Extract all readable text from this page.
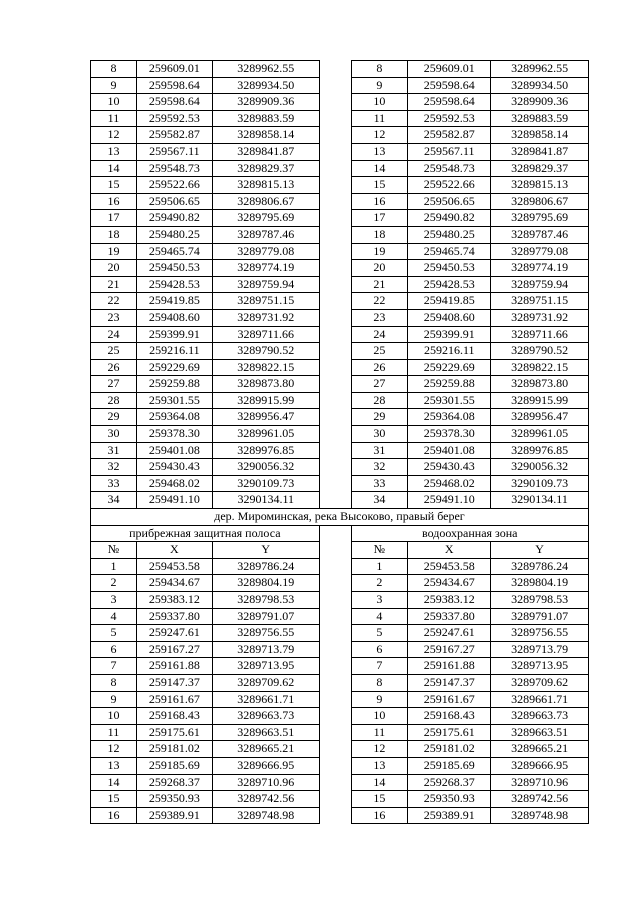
8	259609.01	3289962.55		8	259609.01	3289962.55
9	259598.64	3289934.50		9	259598.64	3289934.50
10	259598.64	3289909.36		10	259598.64	3289909.36
11	259592.53	3289883.59		11	259592.53	3289883.59
12	259582.87	3289858.14		12	259582.87	3289858.14
13	259567.11	3289841.87		13	259567.11	3289841.87
14	259548.73	3289829.37		14	259548.73	3289829.37
15	259522.66	3289815.13		15	259522.66	3289815.13
16	259506.65	3289806.67		16	259506.65	3289806.67
17	259490.82	3289795.69		17	259490.82	3289795.69
18	259480.25	3289787.46		18	259480.25	3289787.46
19	259465.74	3289779.08		19	259465.74	3289779.08
20	259450.53	3289774.19		20	259450.53	3289774.19
21	259428.53	3289759.94		21	259428.53	3289759.94
22	259419.85	3289751.15		22	259419.85	3289751.15
23	259408.60	3289731.92		23	259408.60	3289731.92
24	259399.91	3289711.66		24	259399.91	3289711.66
25	259216.11	3289790.52		25	259216.11	3289790.52
26	259229.69	3289822.15		26	259229.69	3289822.15
27	259259.88	3289873.80		27	259259.88	3289873.80
28	259301.55	3289915.99		28	259301.55	3289915.99
29	259364.08	3289956.47		29	259364.08	3289956.47
30	259378.30	3289961.05		30	259378.30	3289961.05
31	259401.08	3289976.85		31	259401.08	3289976.85
32	259430.43	3290056.32		32	259430.43	3290056.32
33	259468.02	3290109.73		33	259468.02	3290109.73
34	259491.10	3290134.11		34	259491.10	3290134.11
дер. Мироминская, река Высоково, правый берег						
прибрежная защитная полоса				водоохранная зона		
№	X	Y		№	X	Y
1	259453.58	3289786.24		1	259453.58	3289786.24
2	259434.67	3289804.19		2	259434.67	3289804.19
3	259383.12	3289798.53		3	259383.12	3289798.53
4	259337.80	3289791.07		4	259337.80	3289791.07
5	259247.61	3289756.55		5	259247.61	3289756.55
6	259167.27	3289713.79		6	259167.27	3289713.79
7	259161.88	3289713.95		7	259161.88	3289713.95
8	259147.37	3289709.62		8	259147.37	3289709.62
9	259161.67	3289661.71		9	259161.67	3289661.71
10	259168.43	3289663.73		10	259168.43	3289663.73
11	259175.61	3289663.51		11	259175.61	3289663.51
12	259181.02	3289665.21		12	259181.02	3289665.21
13	259185.69	3289666.95		13	259185.69	3289666.95
14	259268.37	3289710.96		14	259268.37	3289710.96
15	259350.93	3289742.56		15	259350.93	3289742.56
16	259389.91	3289748.98		16	259389.91	3289748.98
